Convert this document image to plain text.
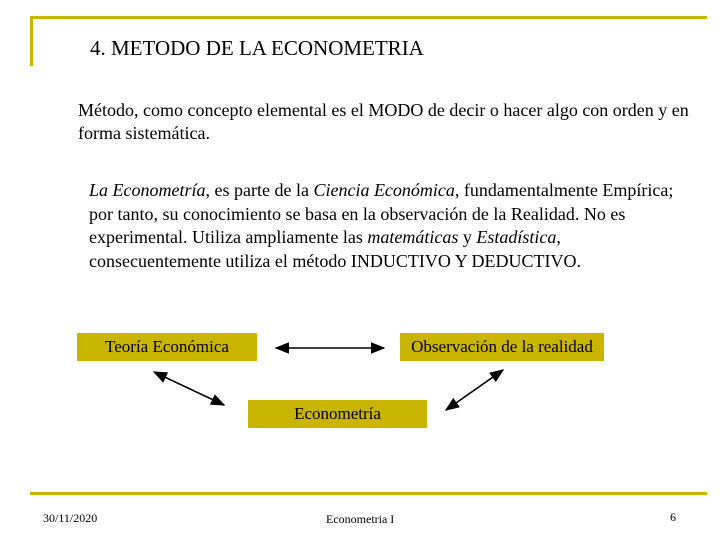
4. METODO DE LA ECONOMETRIA
Método, como concepto elemental es el MODO de decir o hacer algo con orden y en forma sistemática.
La Econometría, es parte de la Ciencia Económica, fundamentalmente Empírica; por tanto, su conocimiento se basa en la observación de la Realidad. No es experimental. Utiliza ampliamente las matemáticas y Estadística, consecuentemente utiliza el método INDUCTIVO Y DEDUCTIVO.
Teoría Económica	Observación de la realidad
Econometría
30/11/2020	Econometria I	6
